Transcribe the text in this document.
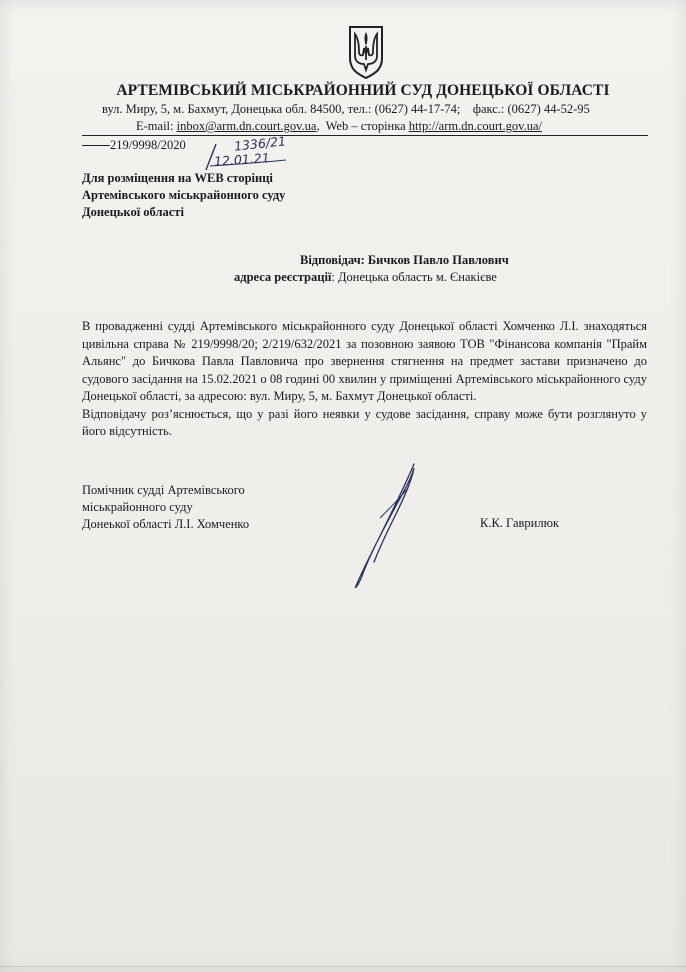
АРТЕМІВСЬКИЙ МІСЬКРАЙОННИЙ СУД ДОНЕЦЬКОЇ ОБЛАСТІ
вул. Миру, 5, м. Бахмут, Донецька обл. 84500, тел.: (0627) 44-17-74; факс.: (0627) 44-52-95
E-mail: inbox@arm.dn.court.gov.ua,  Web – сторінка http://arm.dn.court.gov.ua/
219/9998/2020	1336/21
12.01.21
Для розміщення на WEB сторінці
Артемівського міськрайонного суду
Донецької області
Відповідач: Бичков Павло Павлович
адреса реєстрації: Донецька область м. Єнакієве

В провадженні судді Артемівського міськрайонного суду Донецької області Хомченко Л.І. знаходяться цивільна справа № 219/9998/20; 2/219/632/2021 за позовною заявою ТОВ "Фінансова компанія "Прайм Альянс" до Бичкова Павла Павловича про звернення стягнення на предмет застави призначено до судового засідання на 15.02.2021 о 08 годині 00 хвилин у приміщенні Артемівського міськрайонного суду Донецької області, за адресою: вул. Миру, 5, м. Бахмут Донецької області.

Відповідачу роз’яснюється, що у разі його неявки у судове засідання, справу може бути розглянуто у його відсутність.

Помічник судді Артемівського
міськрайонного суду
Донеької області Л.І. Хомченко	К.К. Гаврилюк
